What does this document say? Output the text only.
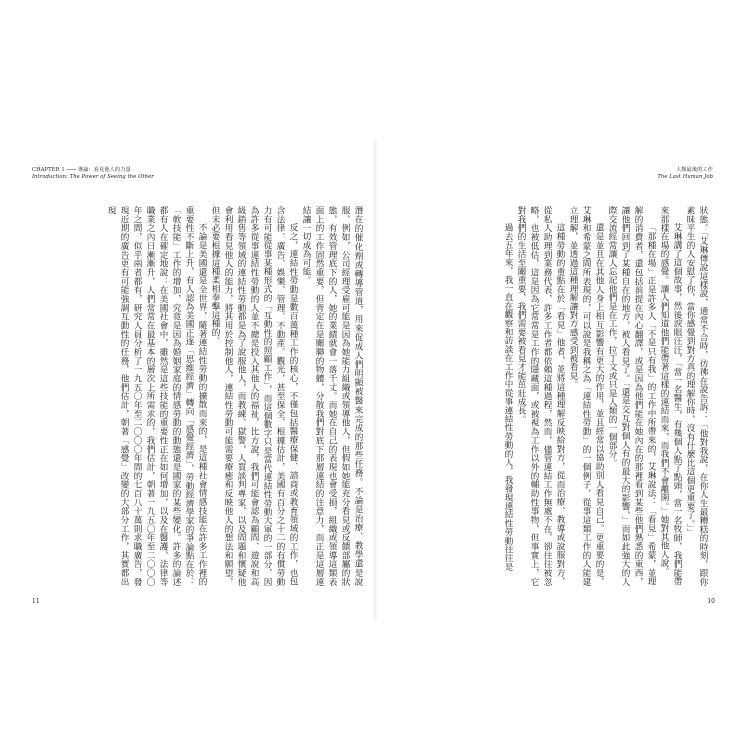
CHAPTER 1 ─── 導論：看見他人的力量
Introduction: The Power of Seeing the Other

潛在的催化劑或轉導管道，用來促成人們明顯被醫來完成的那些任務。不論是治療、教學還是說服，例如，公司經理受雇可能是因為她能力組織或領導他人，但假如她能充分看見或反饋部屬的狀態，有效管理底下的人，她的業績就會一落千丈。而她在自己的表現也會受損，組織或領導這類表面上的工作固然重要，但背定在是關聯的物體，分散我們對底下那層連結的注意力，而正是這層連結讓一切成為可能。

反之，連結性勞動是數百萬種工作的核心，不僅包括醫療保健、諮商或教育領域的工作，也包含法律、廣告、娛樂、管理、不動產、觀光，甚至保全、根據估計，美國有百分之十二的有償勞動力有可能從事某種形式的「互動性的照顧工作」，而這個數字只是當代連結性勞動大軍的一部分，因為許多從事連結性勞動的人並不總是投入其他人的福祉，比方說，我們可能會認為顧問、遊說和高級銷售等領域的連結性勞動都是為了說服他人，而教練、獄警，人質談判專家，以及問題和懷疑他會利用看見他人的能力，將其用於控制他人，連結性勞動可能需要療癒和反映他人的想法和願望，但未必要根據這種柔相拳擊這種的。

不論是美國還是全世界，隨著連結性勞動的擴散而來的，是這種社會情感技能在許多工作裡的重要性不斷上升，有人認為美國正逐「思維經濟」轉向「感覺經濟」，勞動經濟學家的爭論點在於：「軟技能」工作的增加，究竟是因為婚姻家庭的情感勞動的動態還是國家的某些變化。許多的論述都有人在確定地說：在美國社會中，雖然是這些技能的重要性正在如何增加，以及在醫護，法律等職業之內日漸漸升，人們常常在最基本的層次上所需求的，我們估計，朝著一九五〇年至二〇〇〇年之間，似乎兩者都有，研究人員分析了一九五〇年至二〇〇〇年間的七百八十萬則求職廣告，發現近期的廣告更有可能強調互動性的任務，他們估計，朝著「感覺」改變的大部分工作，其實都出現

11
人類最後的工作
The Last Human Job

狀態。「艾琳傳說這樣說，通常不合時，彷彿在說告訴：「他對我說，在你人生最糟糕的時刻，跟你素昧平生的人安慰了你，當你感覺到對方真的理解你時，沒有什麼比這個更重要了。」」

艾琳講了這個故事，然後淚眼汪汪，「當一名醫生，有幾個人點了點頭，當一名牧師，我們能帶來那樣在場的感覺。讓人們知道他們能帶著這樣的連結而來，而我們不會離開。」她對其他人說。

「那種在場」正是許多人「不是只有我」的工作中所帶來的，艾琳說法：「看見」希蒙，並理解的消費者，還包括前提在內心翻譯，或是因為他們能在她內在的那裡看到某些他們熟悉的東西，讓他們回到了某種自在的地方，被人看見了。「還是交互對個人有的最大的影響，」而如此強大的人際交流經常讓人忘記他們是在工作，拉丁文或只是人類的一個部分。

還是並且在其他人身上相互影響有更大的作用，並且經常以協助別人看見自己。更重要的是，艾琳和希蒙之間所表現的，可以說是我稱之為「連結性勞動」的一個例子，從事這類工作的人能建立理解，並透過這種理解讓對方感受到被看見。

這種勞動的重點在於「看見」他者，並將這種理解反映給對方，從而治療、教導或說服對方，從私人助理到業務代表，許多工作者都依賴這種過程，然而，儘管連結工作無處不在，卻往往被忽略，也被低估，這是因為它常常是工作的隱藏面，或被視為工作以外的輔助性事物，但事實上，它對我們的生活至關重要，我們需要被看見才能茁壯成長。

過去五年來，我一直在觀察和訪談在工作中從事連結性勞動的人，我發現連結性勞動往往是

10
